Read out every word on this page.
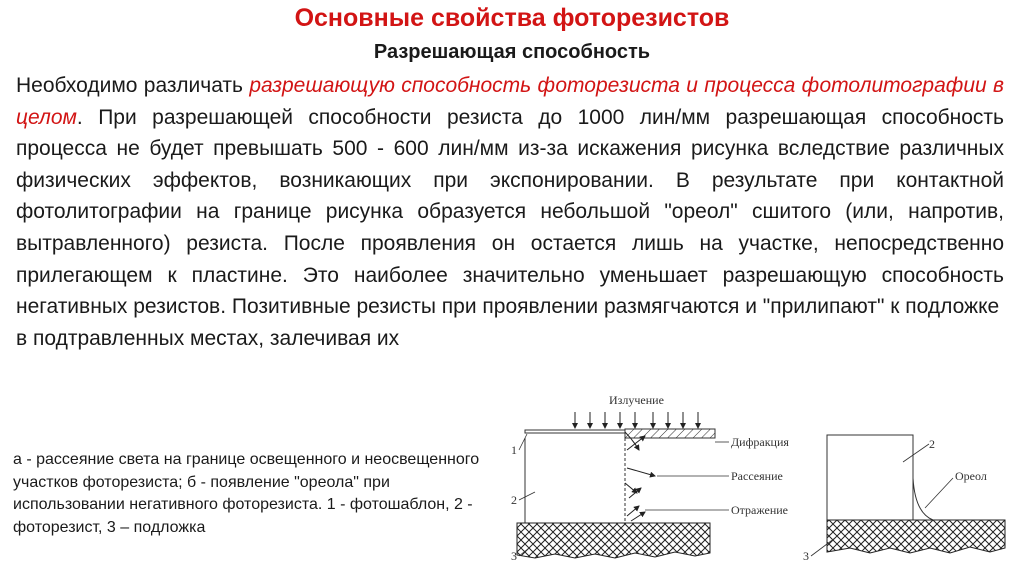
Основные свойства фоторезистов
Разрешающая способность

Необходимо различать разрешающую способность фоторезиста и процесса фотолитографии в целом. При разрешающей способности резиста до 1000 лин/мм разрешающая способность процесса не будет превышать 500 - 600 лин/мм из-за искажения рисунка вследствие различных физических эффектов, возникающих при экспонировании. В результате при контактной фотолитографии на границе рисунка образуется небольшой "ореол" сшитого (или, напротив, вытравленного) резиста. После проявления он остается лишь на участке, непосредственно прилегающем к пластине. Это наиболее значительно уменьшает разрешающую способность негативных резистов. Позитивные резисты при проявлении размягчаются и "прилипают" к подложке
в подтравленных местах, залечивая их

а - рассеяние света на границе освещенного и неосвещенного участков фоторезиста; б - появление "ореола" при использовании негативного фоторезиста. 1 - фотошаблон, 2 - фоторезист, 3 – подложка

Излучение
Дифракция
Рассеяние
Отражение
1
2
3
2
Ореол
3
